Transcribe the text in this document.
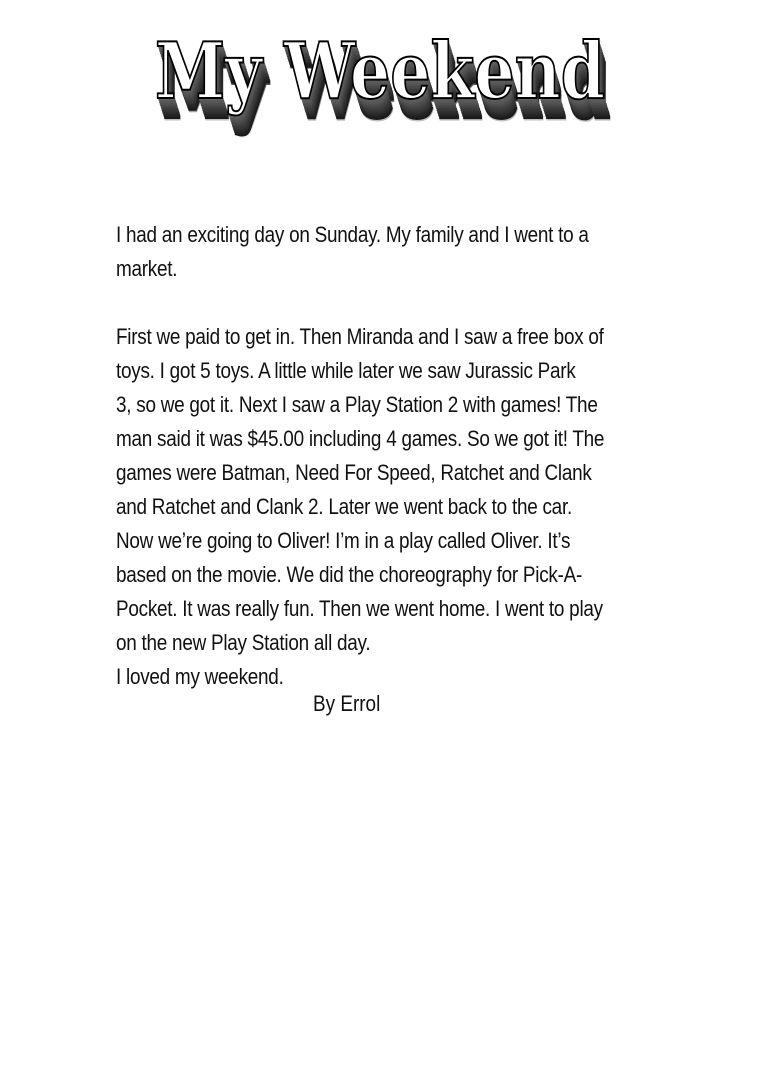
My Weekend
My Weekend
My Weekend
My Weekend
My Weekend
My Weekend
My Weekend
My Weekend
My Weekend
My Weekend
My Weekend
My Weekend
My Weekend
My Weekend
My Weekend
I had an exciting day on Sunday. My family and I went to a
market.
First we paid to get in. Then Miranda and I saw a free box of
toys. I got 5 toys. A little while later we saw Jurassic Park
3, so we got it. Next I saw a Play Station 2 with games! The
man said it was $45.00 including 4 games. So we got it! The
games were Batman, Need For Speed, Ratchet and Clank
and Ratchet and Clank 2. Later we went back to the car.
Now we’re going to Oliver! I’m in a play called Oliver. It’s
based on the movie. We did the choreography for Pick-A-
Pocket. It was really fun. Then we went home. I went to play
on the new Play Station all day.
I loved my weekend.
By Errol
